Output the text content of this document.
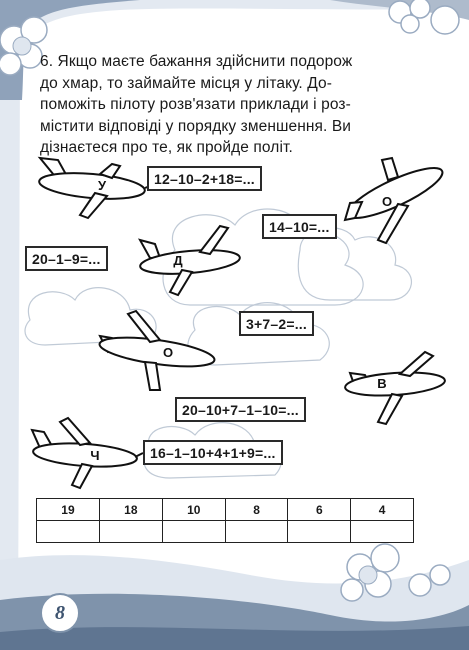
6. Якщо маєте бажання здійснити подорож
до хмар, то займайте місця у літаку. До-
поможіть пілоту розв'язати приклади і роз-
містити відповіді у порядку зменшення. Ви
дізнаєтеся про те, як пройде політ.
У
О
Д
О
В
Ч
12–10–2+18=...
14–10=...
20–1–9=...
3+7–2=...
20–10+7–1–10=...
16–1–10+4+1+9=...
19	18	10	8	6	4

8
